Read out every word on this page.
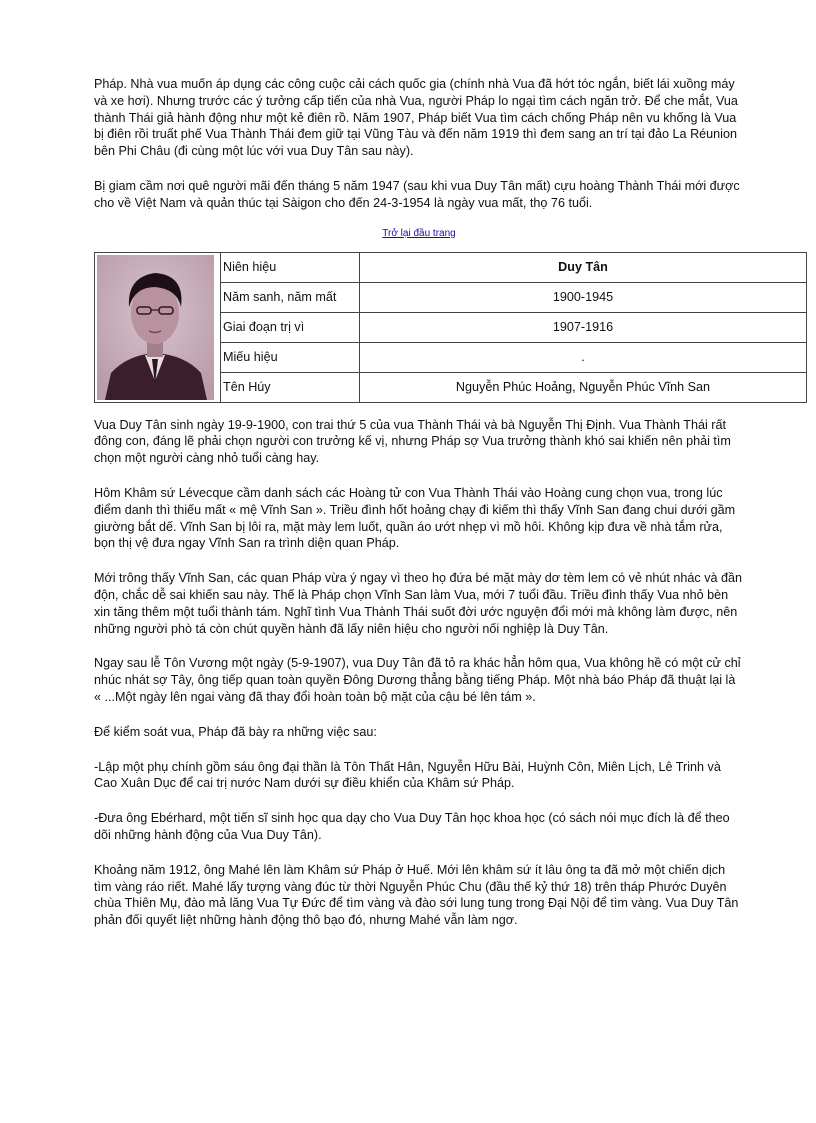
Pháp. Nhà vua muốn áp dụng các công cuộc cải cách quốc gia (chính nhà Vua đã hớt tóc ngắn, biết lái xuồng máy và xe hơi). Nhưng trước các ý tưởng cấp tiến của nhà Vua, người Pháp lo ngại tìm cách ngăn trở. Để che mắt, Vua thành Thái giả hành động như một kẻ điên rồ. Năm 1907, Pháp biết Vua tìm cách chống Pháp nên vu khống là Vua bị điên rồi truất phế Vua Thành Thái đem giữ tại Vũng Tàu và đến năm 1919 thì đem sang an trí tại đảo La Réunion bên Phi Châu (đi cùng một lúc với vua Duy Tân sau này).

Bị giam cầm nơi quê người mãi đến tháng 5 năm 1947 (sau khi vua Duy Tân mất) cựu hoàng Thành Thái mới được cho về Việt Nam và quản thúc tại Sàigon cho đến 24-3-1954 là ngày vua mất, thọ 76 tuổi.

Trở lại đầu trang
	Niên hiệu	Duy Tân
	Năm sanh, năm mất	1900-1945
	Giai đoạn trị vì	1907-1916
	Miếu hiệu	.
	Tên Húy	Nguyễn Phúc Hoảng, Nguyễn Phúc Vĩnh San

Vua Duy Tân sinh ngày 19-9-1900, con trai thứ 5 của vua Thành Thái và bà Nguyễn Thị Định. Vua Thành Thái rất đông con, đáng lẽ phải chọn người con trưởng kế vị, nhưng Pháp sợ Vua trưởng thành khó sai khiến nên phải tìm chọn một người càng nhỏ tuổi càng hay.

Hôm Khâm sứ Lévecque cầm danh sách các Hoàng tử con Vua Thành Thái vào Hoàng cung chọn vua, trong lúc điểm danh thì thiếu mất « mệ Vĩnh San ». Triều đình hốt hoảng chạy đi kiếm thì thấy Vĩnh San đang chui dưới gầm giường bắt dế. Vĩnh San bị lôi ra, mặt mày lem luốt, quần áo ướt nhẹp vì mồ hôi. Không kịp đưa về nhà tắm rửa, bọn thị vệ đưa ngay Vĩnh San ra trình diện quan Pháp.

Mới trông thấy Vĩnh San, các quan Pháp vừa ý ngay vì theo họ đứa bé mặt mày dơ tèm lem có vẻ nhút nhác và đần độn, chắc dễ sai khiến sau này. Thế là Pháp chọn Vĩnh San làm Vua, mới 7 tuổi đầu. Triều đình thấy Vua nhỏ bèn xin tăng thêm một tuổi thành tám. Nghĩ tình Vua Thành Thái suốt đời ước nguyện đổi mới mà không làm được, nên những người phò tá còn chút quyền hành đã lấy niên hiệu cho người nối nghiệp là Duy Tân.

Ngay sau lễ Tôn Vương một ngày (5-9-1907), vua Duy Tân đã tỏ ra khác hẳn hôm qua, Vua không hề có một cử chỉ nhúc nhát sợ Tây, ông tiếp quan toàn quyền Đông Dương thẳng bằng tiếng Pháp. Một nhà báo Pháp đã thuật lại là « ...Một ngày lên ngai vàng đã thay đổi hoàn toàn bộ mặt của cậu bé lên tám ».

Để kiểm soát vua, Pháp đã bày ra những việc sau:

-Lập một phụ chính gồm sáu ông đại thần là Tôn Thất Hân, Nguyễn Hữu Bài, Huỳnh Côn, Miên Lịch, Lê Trinh và Cao Xuân Dục để cai trị nước Nam dưới sự điều khiển của Khâm sứ Pháp.

-Đưa ông Ebérhard, một tiến sĩ sinh học qua dạy cho Vua Duy Tân học khoa học (có sách nói mục đích là để theo dõi những hành động của Vua Duy Tân).

Khoảng năm 1912, ông Mahé lên làm Khâm sứ Pháp ở Huế. Mới lên khâm sứ ít lâu ông ta đã mở một chiến dịch tìm vàng ráo riết. Mahé lấy tượng vàng đúc từ thời Nguyễn Phúc Chu (đầu thế kỷ thứ 18) trên tháp Phước Duyên chùa Thiên Mụ, đào mả lăng Vua Tự Đức để tìm vàng và đào sới lung tung trong Đại Nội để tìm vàng. Vua Duy Tân phản đối quyết liệt những hành động thô bạo đó, nhưng Mahé vẫn làm ngơ.
